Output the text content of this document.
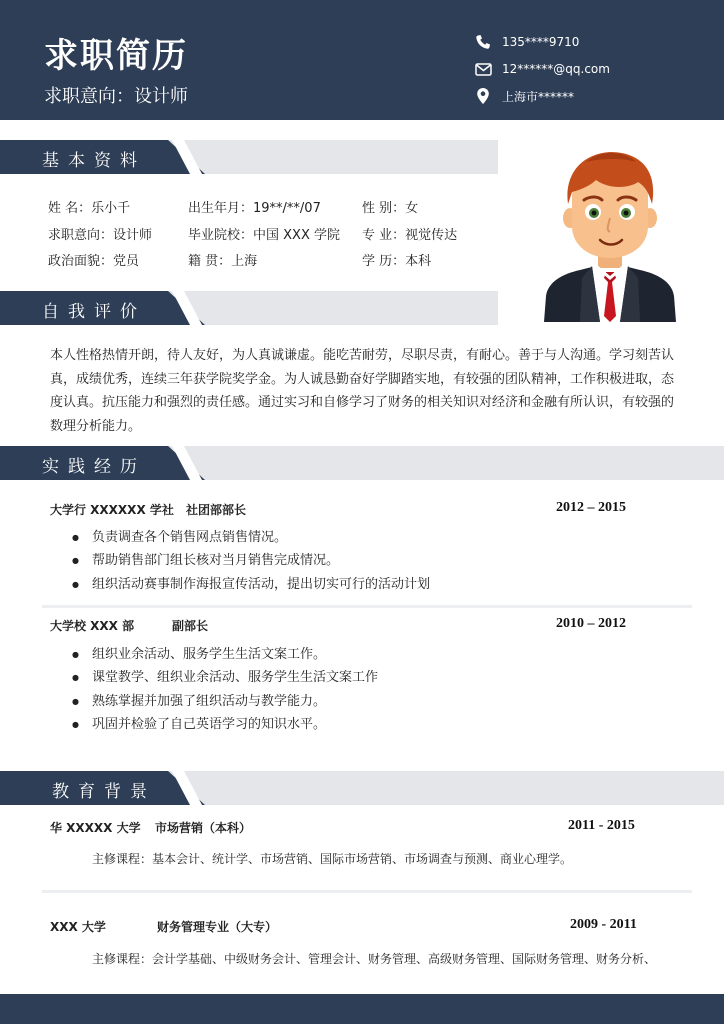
求职简历
求职意向：设计师
135****9710
12******@qq.com
上海市******
基本资料
姓 名：乐小千	出生年月：19**/**/07	性 别：女
求职意向：设计师	毕业院校：中国 XXX 学院 专 业：视觉传达
政治面貌：党员	籍 贯：上海	学 历：本科
自我评价
本人性格热情开朗，待人友好，为人真诚谦虚。能吃苦耐劳，尽职尽责，有耐心。善于与人沟通。学习刻苦认真，成绩优秀，连续三年获学院奖学金。为人诚恳勤奋好学脚踏实地，有较强的团队精神，工作积极进取，态度认真。抗压能力和强烈的责任感。通过实习和自修学习了财务的相关知识对经济和金融有所认识，有较强的数理分析能力。
实践经历
大学行 XXXXXX 学社 社团部部长	2012 – 2015
● 负责调查各个销售网点销售情况。
● 帮助销售部门组长核对当月销售完成情况。
● 组织活动赛事制作海报宣传活动，提出切实可行的活动计划
大学校 XXX 部	副部长	2010 – 2012
● 组织业余活动、服务学生生活文案工作。
● 课堂教学、组织业余活动、服务学生生活文案工作
● 熟练掌握并加强了组织活动与教学能力。
● 巩固并检验了自己英语学习的知识水平。
教育背景
华 XXXXX 大学 市场营销（本科）	2011 - 2015
主修课程：基本会计、统计学、市场营销、国际市场营销、市场调查与预测、商业心理学。
XXX 大学	财务管理专业（大专）	2009 - 2011
主修课程：会计学基础、中级财务会计、管理会计、财务管理、高级财务管理、国际财务管理、财务分析、
